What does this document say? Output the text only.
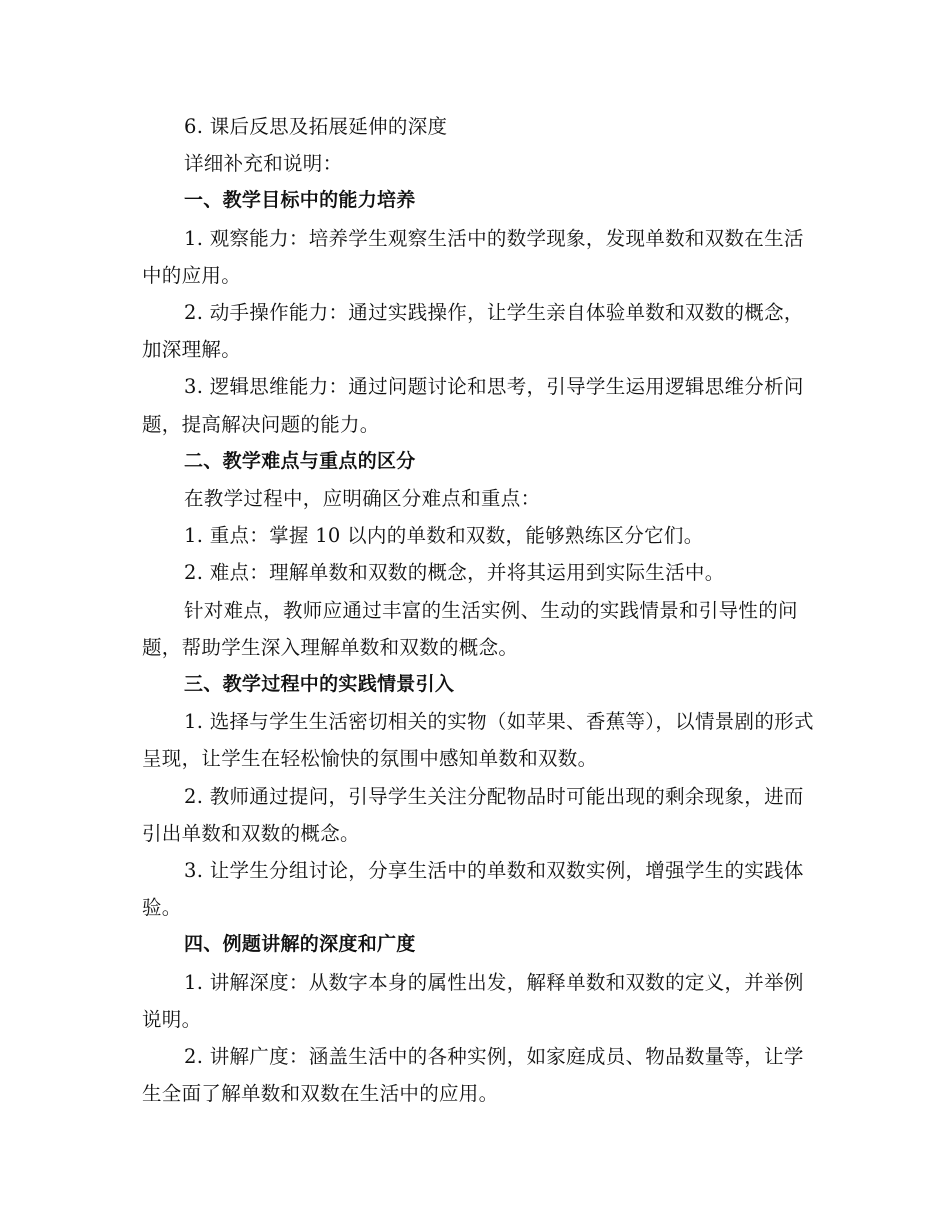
6. 课后反思及拓展延伸的深度

详细补充和说明：

一、教学目标中的能力培养

1. 观察能力：培养学生观察生活中的数学现象，发现单数和双数在生活中的应用。

2. 动手操作能力：通过实践操作，让学生亲自体验单数和双数的概念，加深理解。

3. 逻辑思维能力：通过问题讨论和思考，引导学生运用逻辑思维分析问题，提高解决问题的能力。

二、教学难点与重点的区分

在教学过程中，应明确区分难点和重点：

1. 重点：掌握 10 以内的单数和双数，能够熟练区分它们。

2. 难点：理解单数和双数的概念，并将其运用到实际生活中。

针对难点，教师应通过丰富的生活实例、生动的实践情景和引导性的问题，帮助学生深入理解单数和双数的概念。

三、教学过程中的实践情景引入

1. 选择与学生生活密切相关的实物（如苹果、香蕉等），以情景剧的形式呈现，让学生在轻松愉快的氛围中感知单数和双数。

2. 教师通过提问，引导学生关注分配物品时可能出现的剩余现象，进而引出单数和双数的概念。

3. 让学生分组讨论，分享生活中的单数和双数实例，增强学生的实践体验。

四、例题讲解的深度和广度

1. 讲解深度：从数字本身的属性出发，解释单数和双数的定义，并举例说明。

2. 讲解广度：涵盖生活中的各种实例，如家庭成员、物品数量等，让学生全面了解单数和双数在生活中的应用。
